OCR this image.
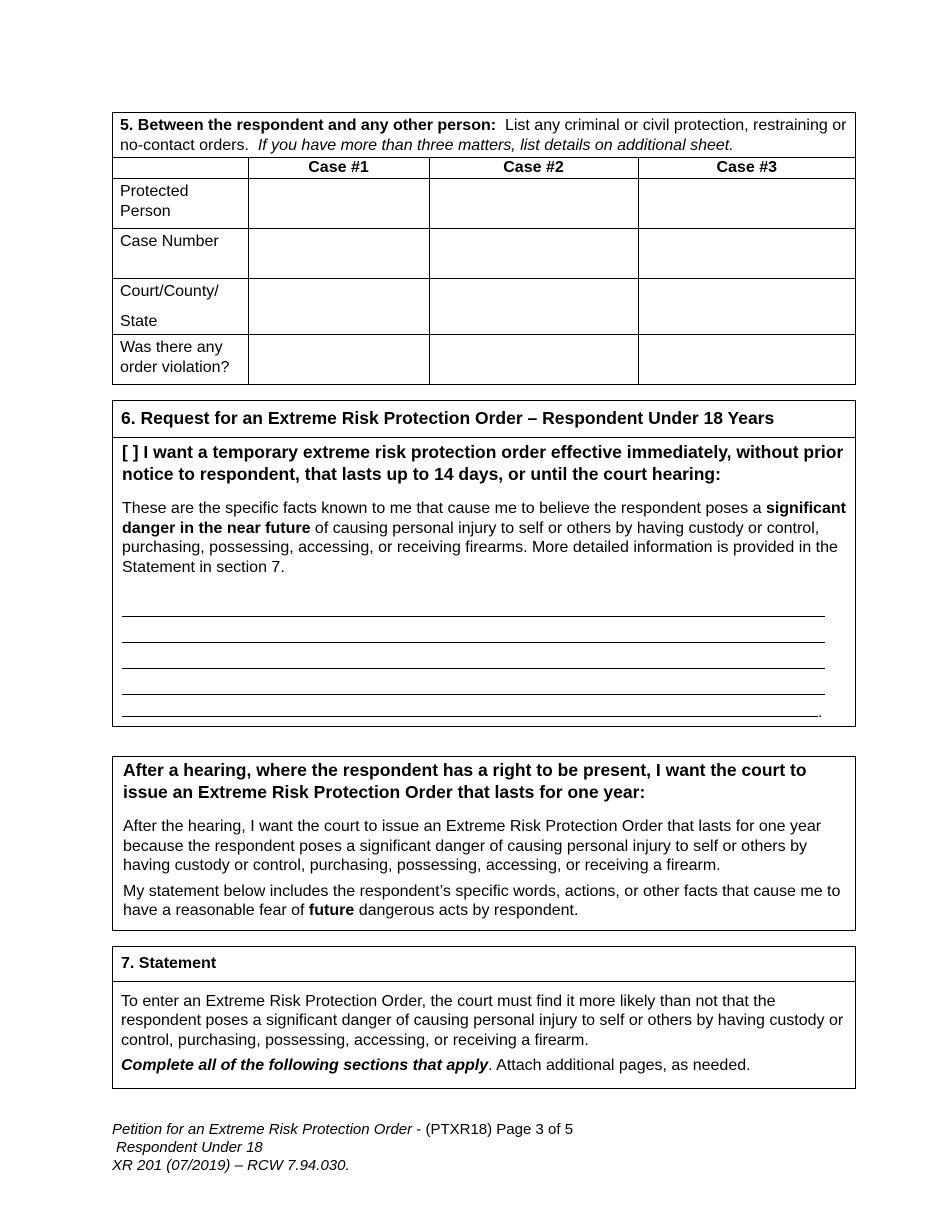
5. Between the respondent and any other person: List any criminal or civil protection, restraining or no-contact orders. If you have more than three matters, list details on additional sheet.
	Case #1	Case #2	Case #3
Protected Person			
Case Number			

Court/County/
State			

Was there any order violation?			
6. Request for an Extreme Risk Protection Order – Respondent Under 18 Years

[ ] I want a temporary extreme risk protection order effective immediately, without prior notice to respondent, that lasts up to 14 days, or until the court hearing:

These are the specific facts known to me that cause me to believe the respondent poses a significant danger in the near future of causing personal injury to self or others by having custody or control, purchasing, possessing, accessing, or receiving firearms. More detailed information is provided in the Statement in section 7.

.

After a hearing, where the respondent has a right to be present, I want the court to issue an Extreme Risk Protection Order that lasts for one year:

After the hearing, I want the court to issue an Extreme Risk Protection Order that lasts for one year because the respondent poses a significant danger of causing personal injury to self or others by having custody or control, purchasing, possessing, accessing, or receiving a firearm.

My statement below includes the respondent’s specific words, actions, or other facts that cause me to have a reasonable fear of future dangerous acts by respondent.

7. Statement

To enter an Extreme Risk Protection Order, the court must find it more likely than not that the respondent poses a significant danger of causing personal injury to self or others by having custody or control, purchasing, possessing, accessing, or receiving a firearm.

Complete all of the following sections that apply. Attach additional pages, as needed.

Petition for an Extreme Risk Protection Order - (PTXR18) Page 3 of 5
Respondent Under 18
XR 201 (07/2019) – RCW 7.94.030.
